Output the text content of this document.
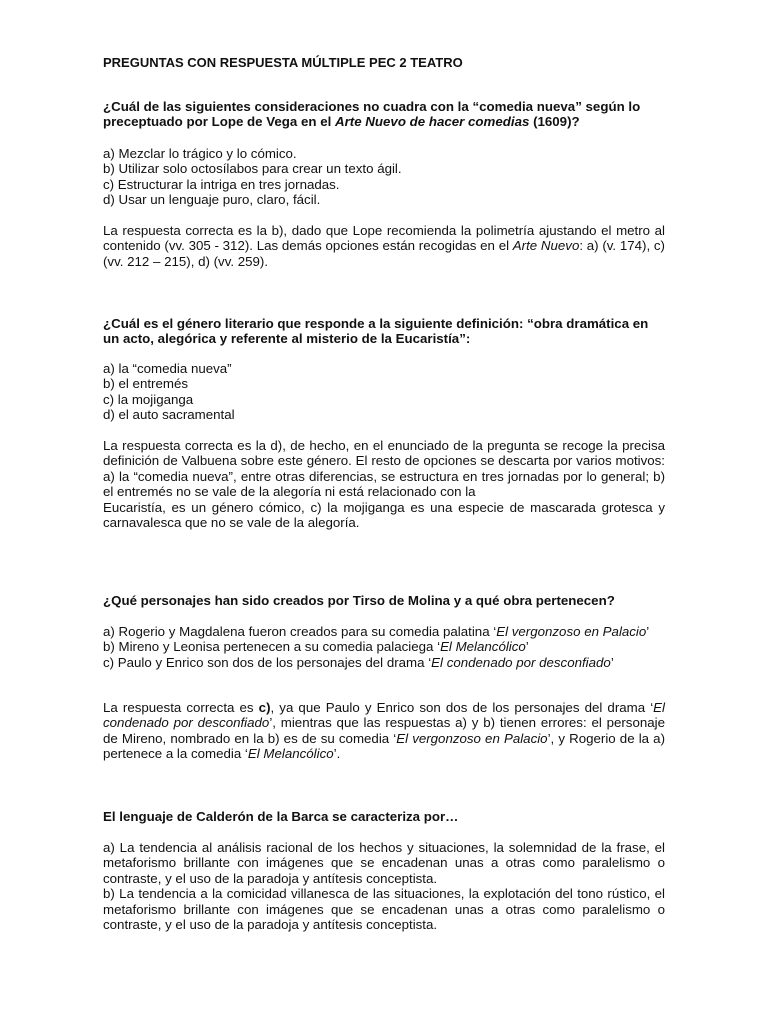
PREGUNTAS CON RESPUESTA MÚLTIPLE PEC 2 TEATRO
¿Cuál de las siguientes consideraciones no cuadra con la “comedia nueva” según lo preceptuado por Lope de Vega en el Arte Nuevo de hacer comedias (1609)?
a) Mezclar lo trágico y lo cómico.
b) Utilizar solo octosílabos para crear un texto ágil.
c) Estructurar la intriga en tres jornadas.
d) Usar un lenguaje puro, claro, fácil.
La respuesta correcta es la b), dado que Lope recomienda la polimetría ajustando el metro al contenido (vv. 305 - 312). Las demás opciones están recogidas en el Arte Nuevo: a) (v. 174), c) (vv. 212 – 215), d) (vv. 259).
¿Cuál es el género literario que responde a la siguiente definición: “obra dramática en un acto, alegórica y referente al misterio de la Eucaristía”:
a) la “comedia nueva”
b) el entremés
c) la mojiganga
d) el auto sacramental
La respuesta correcta es la d), de hecho, en el enunciado de la pregunta se recoge la precisa definición de Valbuena sobre este género. El resto de opciones se descarta por varios motivos: a) la “comedia nueva”, entre otras diferencias, se estructura en tres jornadas por lo general; b) el entremés no se vale de la alegoría ni está relacionado con la
Eucaristía, es un género cómico, c) la mojiganga es una especie de mascarada grotesca y carnavalesca que no se vale de la alegoría.
¿Qué personajes han sido creados por Tirso de Molina y a qué obra pertenecen?
a) Rogerio y Magdalena fueron creados para su comedia palatina ‘El vergonzoso en Palacio’
b) Mireno y Leonisa pertenecen a su comedia palaciega ‘El Melancólico’
c) Paulo y Enrico son dos de los personajes del drama ‘El condenado por desconfiado’
La respuesta correcta es c), ya que Paulo y Enrico son dos de los personajes del drama ‘El condenado por desconfiado’, mientras que las respuestas a) y b) tienen errores: el personaje de Mireno, nombrado en la b) es de su comedia ‘El vergonzoso en Palacio’, y Rogerio de la a) pertenece a la comedia ‘El Melancólico’.
El lenguaje de Calderón de la Barca se caracteriza por…
a) La tendencia al análisis racional de los hechos y situaciones, la solemnidad de la frase, el metaforismo brillante con imágenes que se encadenan unas a otras como paralelismo o contraste, y el uso de la paradoja y antítesis conceptista.
b) La tendencia a la comicidad villanesca de las situaciones, la explotación del tono rústico, el metaforismo brillante con imágenes que se encadenan unas a otras como paralelismo o contraste, y el uso de la paradoja y antítesis conceptista.
